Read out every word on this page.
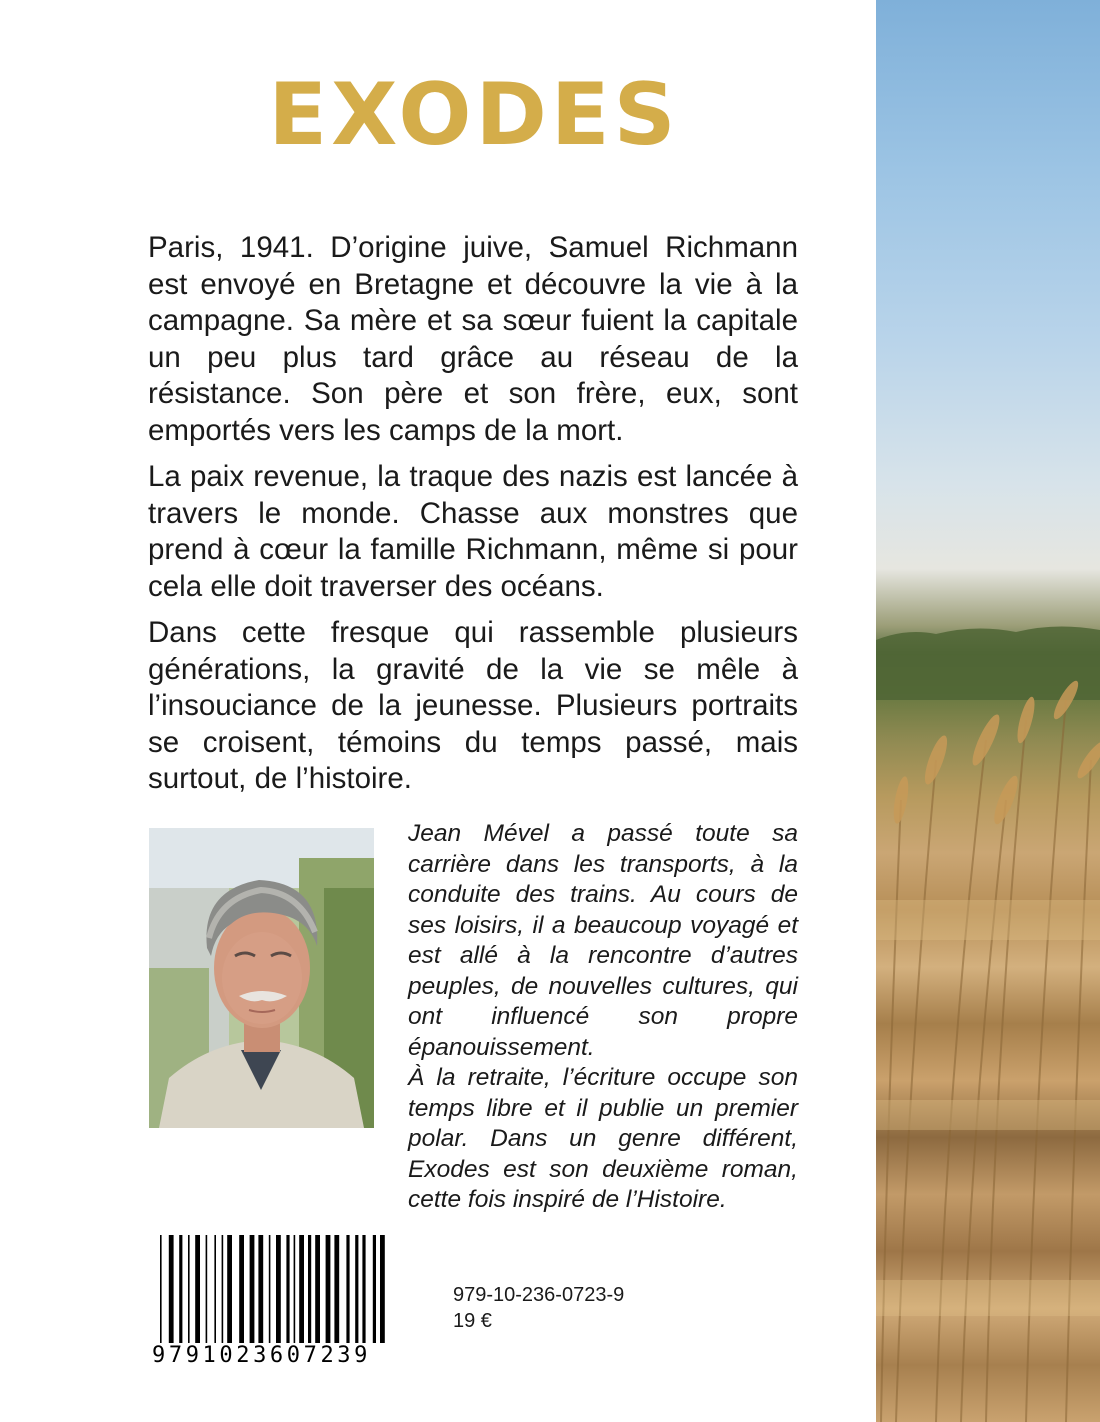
EXODES

Paris, 1941. D’origine juive, Samuel Richmann est envoyé en Bretagne et découvre la vie à la campagne. Sa mère et sa sœur fuient la capitale un peu plus tard grâce au réseau de la résistance. Son père et son frère, eux, sont emportés vers les camps de la mort.

La paix revenue, la traque des nazis est lancée à travers le monde. Chasse aux monstres que prend à cœur la famille Richmann, même si pour cela elle doit traverser des océans.

Dans cette fresque qui rassemble plusieurs générations, la gravité de la vie se mêle à l’insouciance de la jeunesse. Plusieurs portraits se croisent, témoins du temps passé, mais surtout, de l’histoire.

Jean Mével a passé toute sa carrière dans les transports, à la conduite des trains. Au cours de ses loisirs, il a beaucoup voyagé et est allé à la rencontre d’autres peuples, de nouvelles cultures, qui ont influencé son propre épanouissement.

À la retraite, l’écriture occupe son temps libre et il publie un premier polar. Dans un genre différent, Exodes est son deuxième roman, cette fois inspiré de l’Histoire.

9791023607239
979-10-236-0723-9
19 €
